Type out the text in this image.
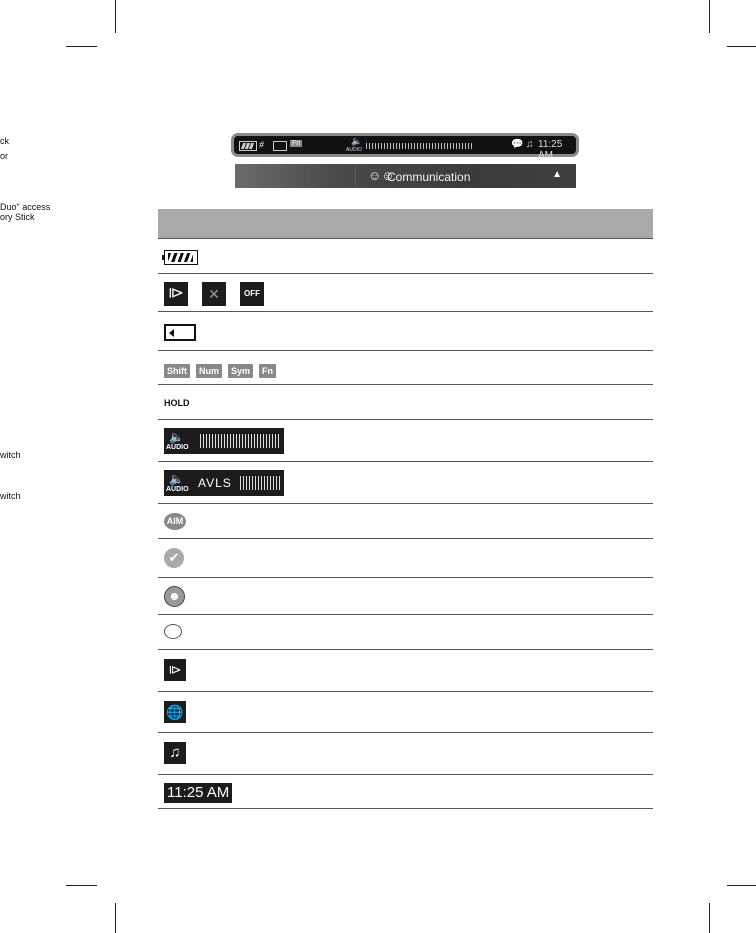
ck
or
Duo" access
ory Stick
witch
witch
⧣	Fn	🔈
AUDIO	💬 ♫ 11:25 AM
☺☺
Communication	▲
⧐	✕	OFF
Shift Num Sym Fn
HOLD
🔈
AUDIO
🔈
AUDIO AVLS
AIM
✔
☻
⧐
🌐
♫
11:25 AM
